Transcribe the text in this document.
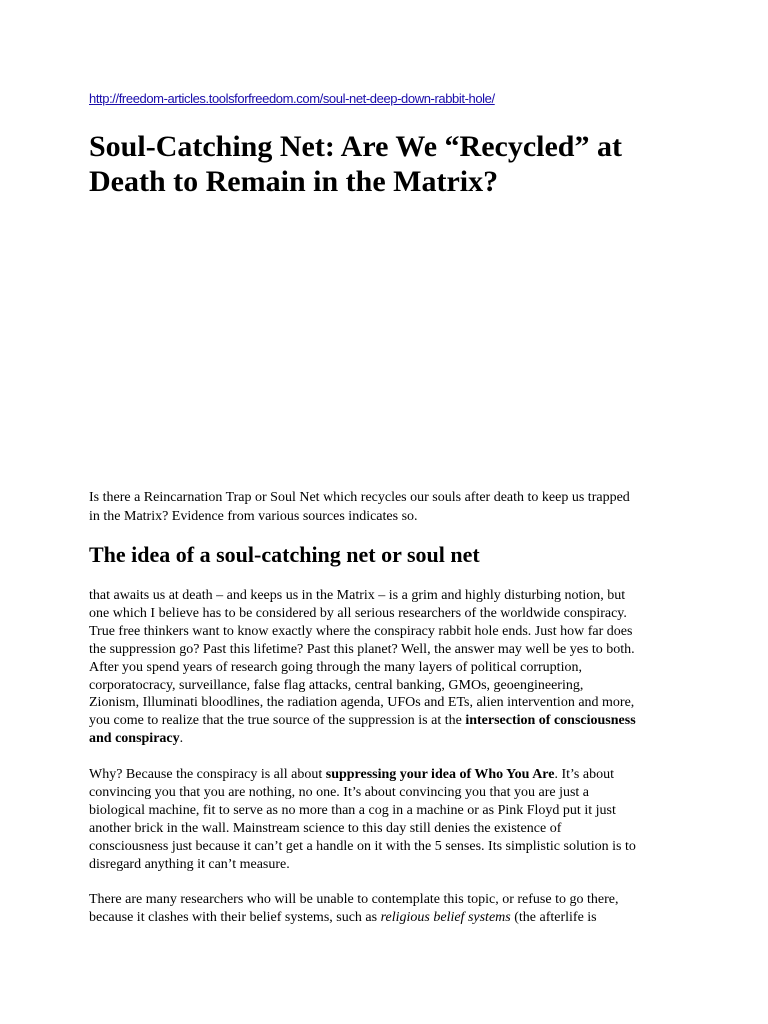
http://freedom-articles.toolsforfreedom.com/soul-net-deep-down-rabbit-hole/
Soul-Catching Net: Are We “Recycled” at
Death to Remain in the Matrix?

Is there a Reincarnation Trap or Soul Net which recycles our souls after death to keep us trapped
in the Matrix? Evidence from various sources indicates so.

The idea of a soul-catching net or soul net

that awaits us at death – and keeps us in the Matrix – is a grim and highly disturbing notion, but
one which I believe has to be considered by all serious researchers of the worldwide conspiracy.
True free thinkers want to know exactly where the conspiracy rabbit hole ends. Just how far does
the suppression go? Past this lifetime? Past this planet? Well, the answer may well be yes to both.
After you spend years of research going through the many layers of political corruption,
corporatocracy, surveillance, false flag attacks, central banking, GMOs, geoengineering,
Zionism, Illuminati bloodlines, the radiation agenda, UFOs and ETs, alien intervention and more,
you come to realize that the true source of the suppression is at the intersection of consciousness
and conspiracy.

Why? Because the conspiracy is all about suppressing your idea of Who You Are. It’s about
convincing you that you are nothing, no one. It’s about convincing you that you are just a
biological machine, fit to serve as no more than a cog in a machine or as Pink Floyd put it just
another brick in the wall. Mainstream science to this day still denies the existence of
consciousness just because it can’t get a handle on it with the 5 senses. Its simplistic solution is to
disregard anything it can’t measure.

There are many researchers who will be unable to contemplate this topic, or refuse to go there,
because it clashes with their belief systems, such as religious belief systems (the afterlife is
